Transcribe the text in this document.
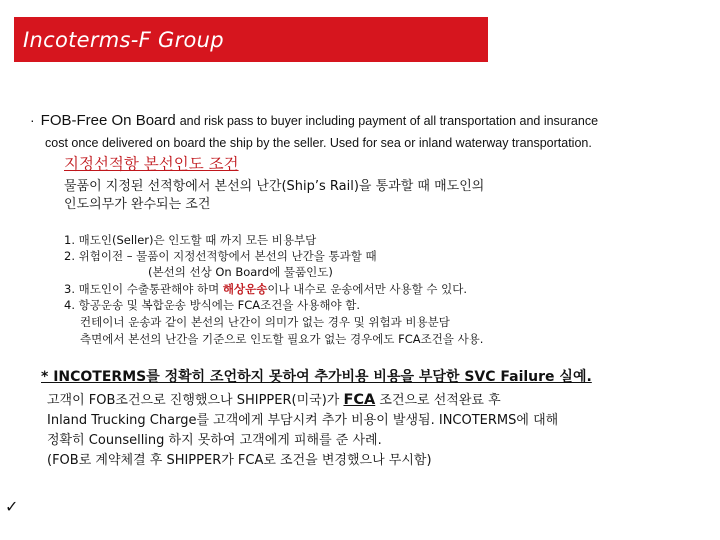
Incoterms-F Group
· FOB-Free On Board and risk pass to buyer including payment of all transportation and insurance
cost once delivered on board the ship by the seller. Used for sea or inland waterway transportation.
지정선적항 본선인도 조건
물품이 지정된 선적항에서 본선의 난간(Ship’s Rail)을 통과할 때 매도인의
인도의무가 완수되는 조건
1. 매도인(Seller)은 인도할 때 까지 모든 비용부담
2. 위험이전 – 물품이 지정선적항에서 본선의 난간을 통과할 때
(본선의 선상 On Board에 물품인도)
3. 매도인이 수출통관해야 하며 해상운송이나 내수로 운송에서만 사용할 수 있다.
4. 항공운송 및 복합운송 방식에는 FCA조건을 사용해야 함.
컨테이너 운송과 같이 본선의 난간이 의미가 없는 경우 및 위험과 비용분담
측면에서 본선의 난간을 기준으로 인도할 필요가 없는 경우에도 FCA조건을 사용.
* INCOTERMS를 정확히 조언하지 못하여 추가비용 비용을 부담한 SVC Failure 실예.
고객이 FOB조건으로 진행했으나 SHIPPER(미국)가 FCA 조건으로 선적완료 후
Inland Trucking Charge를 고객에게 부담시켜 추가 비용이 발생됨. INCOTERMS에 대해
정확히 Counselling 하지 못하여 고객에게 피해를 준 사례.
(FOB로 계약체결 후 SHIPPER가 FCA로 조건을 변경했으나 무시함)
✓
